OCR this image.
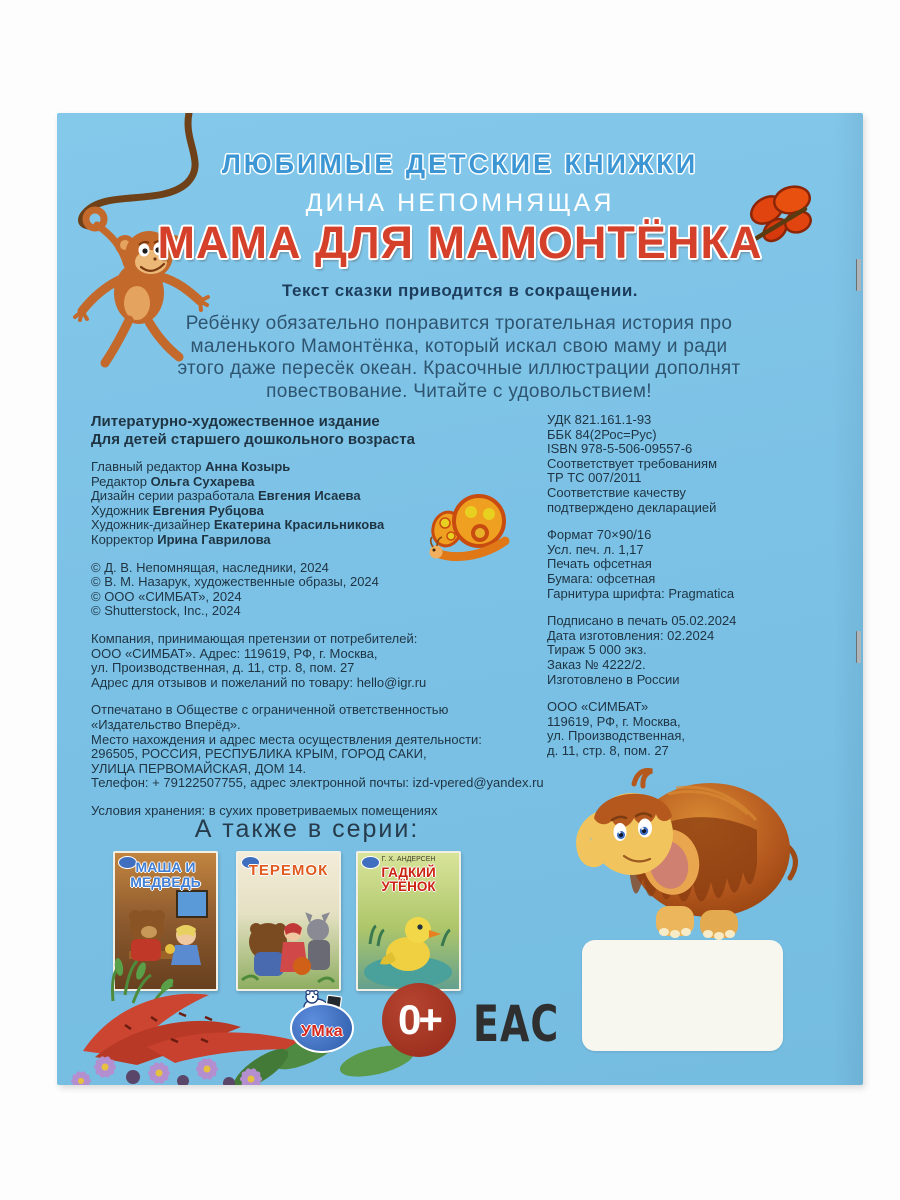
ЛЮБИМЫЕ ДЕТСКИЕ КНИЖКИ
ДИНА НЕПОМНЯЩАЯ
МАМА ДЛЯ МАМОНТЁНКА
Текст сказки приводится в сокращении.
Ребёнку обязательно понравится трогательная история про маленького Мамонтёнка, который искал свою маму и ради этого даже пересёк океан. Красочные иллюстрации дополнят повествование. Читайте с удовольствием!
Литературно-художественное издание
Для детей старшего дошкольного возраста
Главный редактор Анна Козырь
Редактор Ольга Сухарева
Дизайн серии разработала Евгения Исаева
Художник Евгения Рубцова
Художник-дизайнер Екатерина Красильникова
Корректор Ирина Гаврилова
© Д. В. Непомнящая, наследники, 2024
© В. М. Назарук, художественные образы, 2024
© ООО «СИМБАТ», 2024
© Shutterstock, Inc., 2024
Компания, принимающая претензии от потребителей:
ООО «СИМБАТ». Адрес: 119619, РФ, г. Москва,
ул. Производственная, д. 11, стр. 8, пом. 27
Адрес для отзывов и пожеланий по товару: hello@igr.ru
Отпечатано в Обществе с ограниченной ответственностью
«Издательство Вперёд».
Место нахождения и адрес места осуществления деятельности:
296505, РОССИЯ, РЕСПУБЛИКА КРЫМ, ГОРОД САКИ,
УЛИЦА ПЕРВОМАЙСКАЯ, ДОМ 14.
Телефон: + 79122507755, адрес электронной почты: izd-vpered@yandex.ru
Условия хранения: в сухих проветриваемых помещениях
УДК 821.161.1-93
ББК 84(2Рос=Рус)
ISBN 978-5-506-09557-6
Соответствует требованиям
ТР ТС 007/2011
Соответствие качеству
подтверждено декларацией
Формат 70×90/16
Усл. печ. л. 1,17
Печать офсетная
Бумага: офсетная
Гарнитура шрифта: Pragmatica
Подписано в печать 05.02.2024
Дата изготовления: 02.2024
Тираж 5 000 экз.
Заказ № 4222/2.
Изготовлено в России
ООО «СИМБАТ»
119619, РФ, г. Москва,
ул. Производственная,
д. 11, стр. 8, пом. 27
А также в серии:
МАША И МЕДВЕДЬ
ТЕРЕМОК
Г. Х. АНДЕРСЕН
ГАДКИЙ УТЁНОК
УМка	0+ ЕАС
